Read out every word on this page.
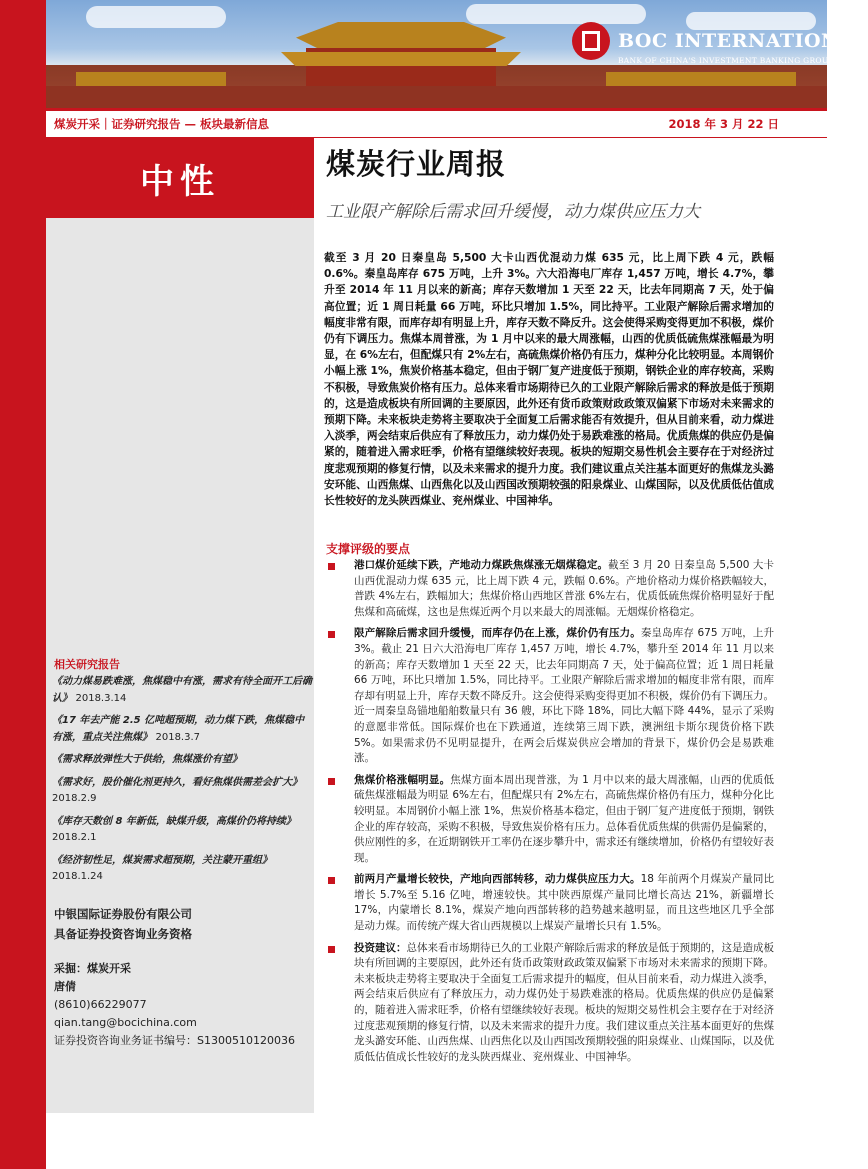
BOC INTERNATIONAL
BANK OF CHINA'S INVESTMENT BANKING GROUP
煤炭开采｜证券研究报告 — 板块最新信息	2018 年 3 月 22 日
中性	煤炭行业周报
工业限产解除后需求回升缓慢，动力煤供应压力大

截至 3 月 20 日秦皇岛 5,500 大卡山西优混动力煤 635 元，比上周下跌 4 元，跌幅 0.6%。秦皇岛库存 675 万吨，上升 3%。六大沿海电厂库存 1,457 万吨，增长 4.7%，攀升至 2014 年 11 月以来的新高；库存天数增加 1 天至 22 天，比去年同期高 7 天，处于偏高位置；近 1 周日耗量 66 万吨，环比只增加 1.5%，同比持平。工业限产解除后需求增加的幅度非常有限，而库存却有明显上升，库存天数不降反升。这会使得采购变得更加不积极，煤价仍有下调压力。焦煤本周普涨，为 1 月中以来的最大周涨幅，山西的优质低硫焦煤涨幅最为明显，在 6%左右，但配煤只有 2%左右，高硫焦煤价格仍有压力，煤种分化比较明显。本周钢价小幅上涨 1%，焦炭价格基本稳定，但由于钢厂复产进度低于预期，钢铁企业的库存较高，采购不积极，导致焦炭价格有压力。总体来看市场期待已久的工业限产解除后需求的释放是低于预期的，这是造成板块有所回调的主要原因，此外还有货币政策财政政策双偏紧下市场对未来需求的预期下降。未来板块走势将主要取决于全面复工后需求能否有效提升，但从目前来看，动力煤进入淡季，两会结束后供应有了释放压力，动力煤仍处于易跌难涨的格局。优质焦煤的供应仍是偏紧的，随着进入需求旺季，价格有望继续较好表现。板块的短期交易性机会主要存在于对经济过度悲观预期的修复行情，以及未来需求的提升力度。我们建议重点关注基本面更好的焦煤龙头潞安环能、山西焦煤、山西焦化以及山西国改预期较强的阳泉煤业、山煤国际，以及优质低估值成长性较好的龙头陕西煤业、兖州煤业、中国神华。

支撑评级的要点
港口煤价延续下跌，产地动力煤跌焦煤涨无烟煤稳定。截至 3 月 20 日秦皇岛 5,500 大卡山西优混动力煤 635 元，比上周下跌 4 元，跌幅 0.6%。产地价格动力煤价格跌幅较大，普跌 4%左右，跌幅加大；焦煤价格山西地区普涨 6%左右，优质低硫焦煤价格明显好于配焦煤和高硫煤，这也是焦煤近两个月以来最大的周涨幅。无烟煤价格稳定。
限产解除后需求回升缓慢，而库存仍在上涨，煤价仍有压力。秦皇岛库存 675 万吨，上升 3%。截止 21 日六大沿海电厂库存 1,457 万吨，增长 4.7%，攀升至 2014 年 11 月以来的新高；库存天数增加 1 天至 22 天，比去年同期高 7 天，处于偏高位置；近 1 周日耗量 66 万吨，环比只增加 1.5%，同比持平。工业限产解除后需求增加的幅度非常有限，而库存却有明显上升，库存天数不降反升。这会使得采购变得更加不积极，煤价仍有下调压力。近一周秦皇岛锚地船舶数量只有 36 艘，环比下降 18%，同比大幅下降 44%，显示了采购的意愿非常低。国际煤价也在下跌通道，连续第三周下跌，澳洲纽卡斯尔现货价格下跌 5%。如果需求仍不见明显提升，在两会后煤炭供应会增加的背景下，煤价仍会是易跌难涨。
焦煤价格涨幅明显。焦煤方面本周出现普涨，为 1 月中以来的最大周涨幅，山西的优质低硫焦煤涨幅最为明显 6%左右，但配煤只有 2%左右，高硫焦煤价格仍有压力，煤种分化比较明显。本周钢价小幅上涨 1%，焦炭价格基本稳定，但由于钢厂复产进度低于预期，钢铁企业的库存较高，采购不积极，导致焦炭价格有压力。总体看优质焦煤的供需仍是偏紧的，供应刚性的多，在近期钢铁开工率仍在逐步攀升中，需求还有继续增加，价格仍有望较好表现。
前两月产量增长较快，产地向西部转移，动力煤供应压力大。18 年前两个月煤炭产量同比增长 5.7%至 5.16 亿吨，增速较快。其中陕西原煤产量同比增长高达 21%，新疆增长 17%，内蒙增长 8.1%，煤炭产地向西部转移的趋势越来越明显，而且这些地区几乎全部是动力煤。而传统产煤大省山西规模以上煤炭产量增长只有 1.5%。
投资建议：总体来看市场期待已久的工业限产解除后需求的释放是低于预期的，这是造成板块有所回调的主要原因，此外还有货币政策财政政策双偏紧下市场对未来需求的预期下降。未来板块走势将主要取决于全面复工后需求提升的幅度，但从目前来看，动力煤进入淡季，两会结束后供应有了释放压力，动力煤仍处于易跌难涨的格局。优质焦煤的供应仍是偏紧的，随着进入需求旺季，价格有望继续较好表现。板块的短期交易性机会主要存在于对经济过度悲观预期的修复行情，以及未来需求的提升力度。我们建议重点关注基本面更好的焦煤龙头潞安环能、山西焦煤、山西焦化以及山西国改预期较强的阳泉煤业、山煤国际，以及优质低估值成长性较好的龙头陕西煤业、兖州煤业、中国神华。
相关研究报告
《动力煤易跌难涨，焦煤稳中有涨，需求有待全面开工后确认》 2018.3.14
《17 年去产能 2.5 亿吨超预期，动力煤下跌，焦煤稳中有涨，重点关注焦煤》 2018.3.7
《需求释放弹性大于供给，焦煤涨价有望》
《需求好，股价催化剂更持久，看好焦煤供需差会扩大》 2018.2.9
《库存天数创 8 年新低，缺煤升级，高煤价仍将持续》 2018.2.1
《经济韧性足，煤炭需求超预期，关注蒙开重组》 2018.1.24
中银国际证券股份有限公司
具备证券投资咨询业务资格
采掘：煤炭开采
唐倩
(8610)66229077
qian.tang@bocichina.com
证券投资咨询业务证书编号：S1300510120036
